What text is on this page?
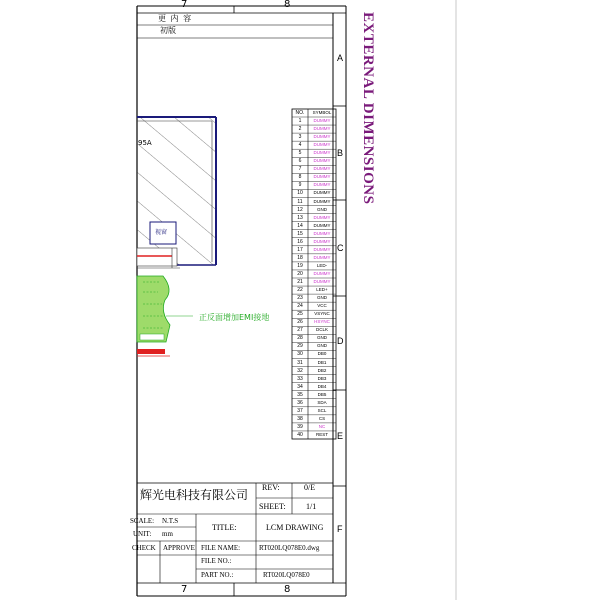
7	8
7	8
更 内 容
初版
A
B
C
D
E
F
EXTERNAL DIMENSIONS
95A
视窗
正反面增加EMI接地
NO.	SYMBOL
1	DUMMY
2	DUMMY
3	DUMMY
4	DUMMY
5	DUMMY
6	DUMMY
7	DUMMY
8	DUMMY
9	DUMMY
10	DUMMY
11	DUMMY
12	GND
13	DUMMY
14	DUMMY
15	DUMMY
16	DUMMY
17	DUMMY
18	DUMMY
19	LED-
20	DUMMY
21	DUMMY
22	LED+
23	GND
24	VCC
25	VSYNC
26	HSYNC
27	DCLK
28	GND
29	GND
30	DB0
31	DB1
32	DB2
33	DB3
34	DB4
35	DB5
36	SDA
37	SCL
38	CS
39	NC
40	REST
辉光电科技有限公司
REV:	0/E
SHEET:	1/1
SCALE: N.T.S
UNIT: mm
TITLE:	LCM DRAWING
CHECK APPROVE FILE NAME:	RT020LQ078E0.dwg
FILE NO.:
PART NO.:	RT020LQ078E0
